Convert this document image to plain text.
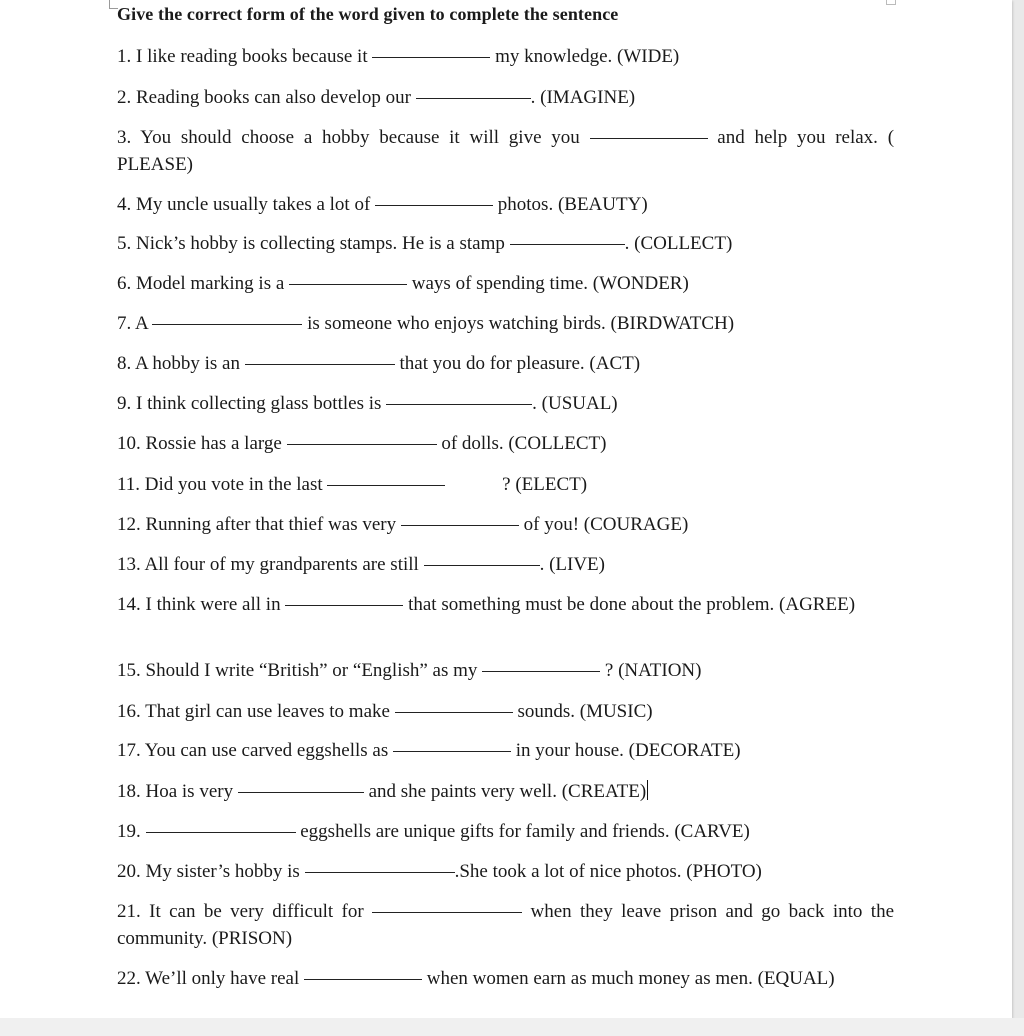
Give the correct form of the word given to complete the sentence
1. I like reading books because it	my knowledge. (WIDE)
2. Reading books can also develop our	. (IMAGINE)
3. You should choose a hobby because it will give you	and help you relax. ( PLEASE)
4. My uncle usually takes a lot of	photos. (BEAUTY)
5. Nick’s hobby is collecting stamps. He is a stamp	. (COLLECT)
6. Model marking is a	ways of spending time. (WONDER)
7. A	is someone who enjoys watching birds. (BIRDWATCH)
8. A hobby is an	that you do for pleasure. (ACT)
9. I think collecting glass bottles is	. (USUAL)
10. Rossie has a large	of dolls. (COLLECT)
11. Did you vote in the last	? (ELECT)
12. Running after that thief was very	of you! (COURAGE)
13. All four of my grandparents are still	. (LIVE)
14. I think were all in	that something must be done about the problem. (AGREE)
15. Should I write “British” or “English” as my	? (NATION)
16. That girl can use leaves to make	sounds. (MUSIC)
17. You can use carved eggshells as	in your house. (DECORATE)
18. Hoa is very	and she paints very well. (CREATE)
19.	eggshells are unique gifts for family and friends. (CARVE)
20. My sister’s hobby is	.She took a lot of nice photos. (PHOTO)
21. It can be very difficult for	when they leave prison and go back into the community. (PRISON)
22. We’ll only have real	when women earn as much money as men. (EQUAL)
